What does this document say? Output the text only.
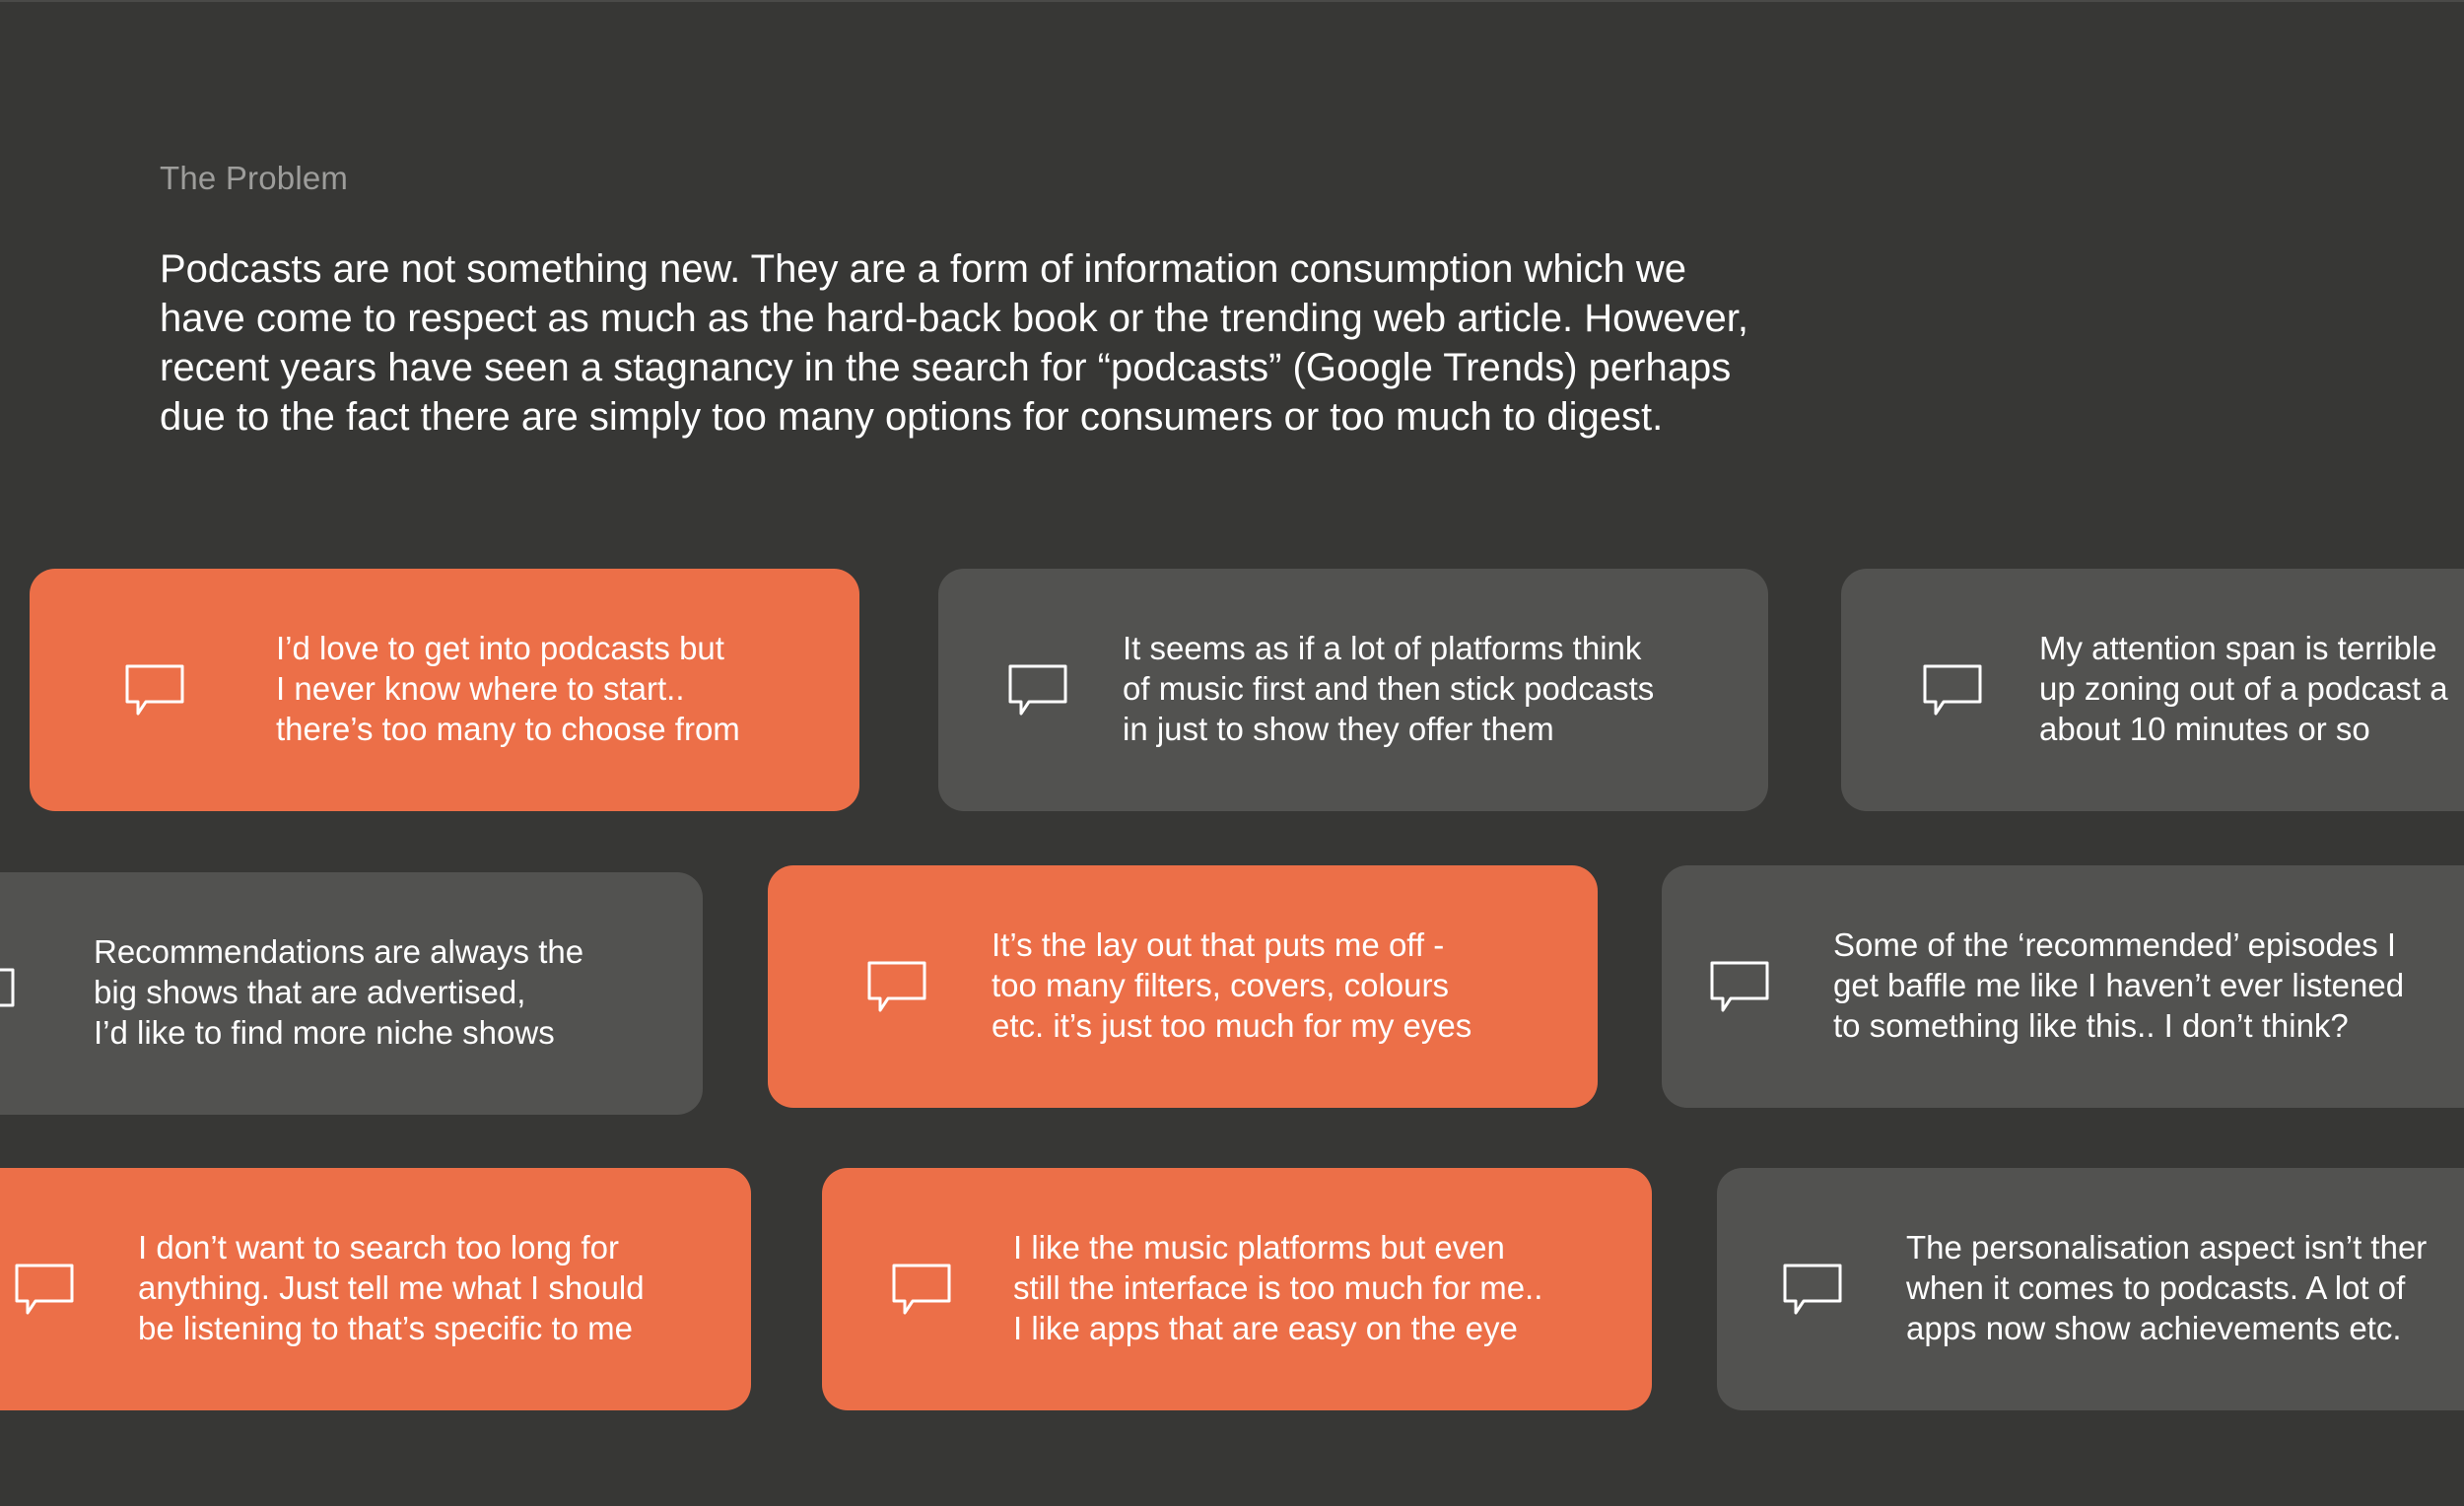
The Problem
Podcasts are not something new. They are a form of information consumption which we
have come to respect as much as the hard-back book or the trending web article. However,
recent years have seen a stagnancy in the search for “podcasts” (Google Trends) perhaps
due to the fact there are simply too many options for consumers or too much to digest.
I’d love to get into podcasts but
I never know where to start..
there’s too many to choose from
It seems as if a lot of platforms think
of music first and then stick podcasts
in just to show they offer them
My attention span is terrible
up zoning out of a podcast a
about 10 minutes or so
Recommendations are always the
big shows that are advertised,
I’d like to find more niche shows
It’s the lay out that puts me off -
too many filters, covers, colours
etc. it’s just too much for my eyes
Some of the ‘recommended’ episodes I
get baffle me like I haven’t ever listened
to something like this.. I don’t think?
I don’t want to search too long for
anything. Just tell me what I should
be listening to that’s specific to me
I like the music platforms but even
still the interface is too much for me..
I like apps that are easy on the eye
The personalisation aspect isn’t ther
when it comes to podcasts. A lot of
apps now show achievements etc.
